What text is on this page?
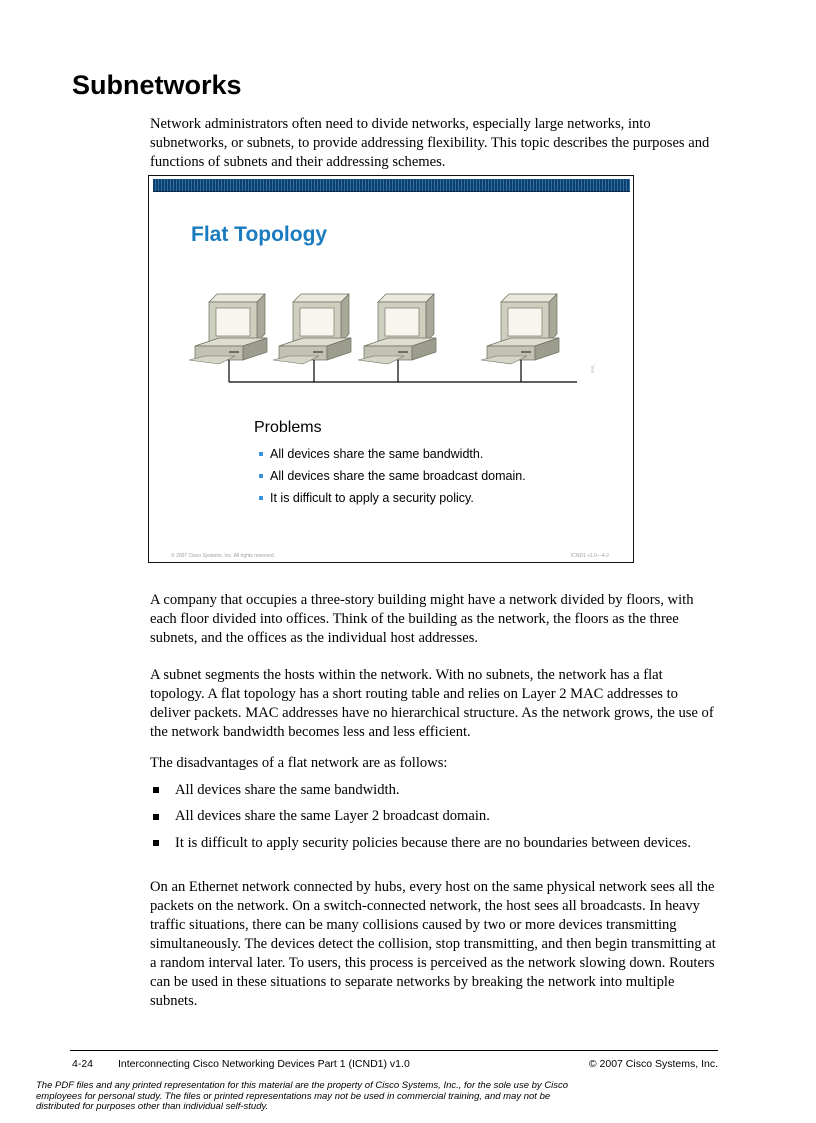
Subnetworks

Network administrators often need to divide networks, especially large networks, into subnetworks, or subnets, to provide addressing flexibility. This topic describes the purposes and functions of subnets and their addressing schemes.

Flat Topology
icnd_
Problems
All devices share the same bandwidth.
All devices share the same broadcast domain.
It is difficult to apply a security policy.
© 2007 Cisco Systems, Inc. All rights reserved.	ICND1 v1.0—4-2

A company that occupies a three-story building might have a network divided by floors, with each floor divided into offices. Think of the building as the network, the floors as the three subnets, and the offices as the individual host addresses.

A subnet segments the hosts within the network. With no subnets, the network has a flat topology. A flat topology has a short routing table and relies on Layer 2 MAC addresses to deliver packets. MAC addresses have no hierarchical structure. As the network grows, the use of the network bandwidth becomes less and less efficient.

The disadvantages of a flat network are as follows:

All devices share the same bandwidth.
All devices share the same Layer 2 broadcast domain.
It is difficult to apply security policies because there are no boundaries between devices.

On an Ethernet network connected by hubs, every host on the same physical network sees all the packets on the network. On a switch-connected network, the host sees all broadcasts. In heavy traffic situations, there can be many collisions caused by two or more devices transmitting simultaneously. The devices detect the collision, stop transmitting, and then begin transmitting at a random interval later. To users, this process is perceived as the network slowing down. Routers can be used in these situations to separate networks by breaking the network into multiple subnets.

4-24 Interconnecting Cisco Networking Devices Part 1 (ICND1) v1.0	© 2007 Cisco Systems, Inc.
The PDF files and any printed representation for this material are the property of Cisco Systems, Inc., for the sole use by Cisco employees for personal study. The files or printed representations may not be used in commercial training, and may not be distributed for purposes other than individual self-study.
